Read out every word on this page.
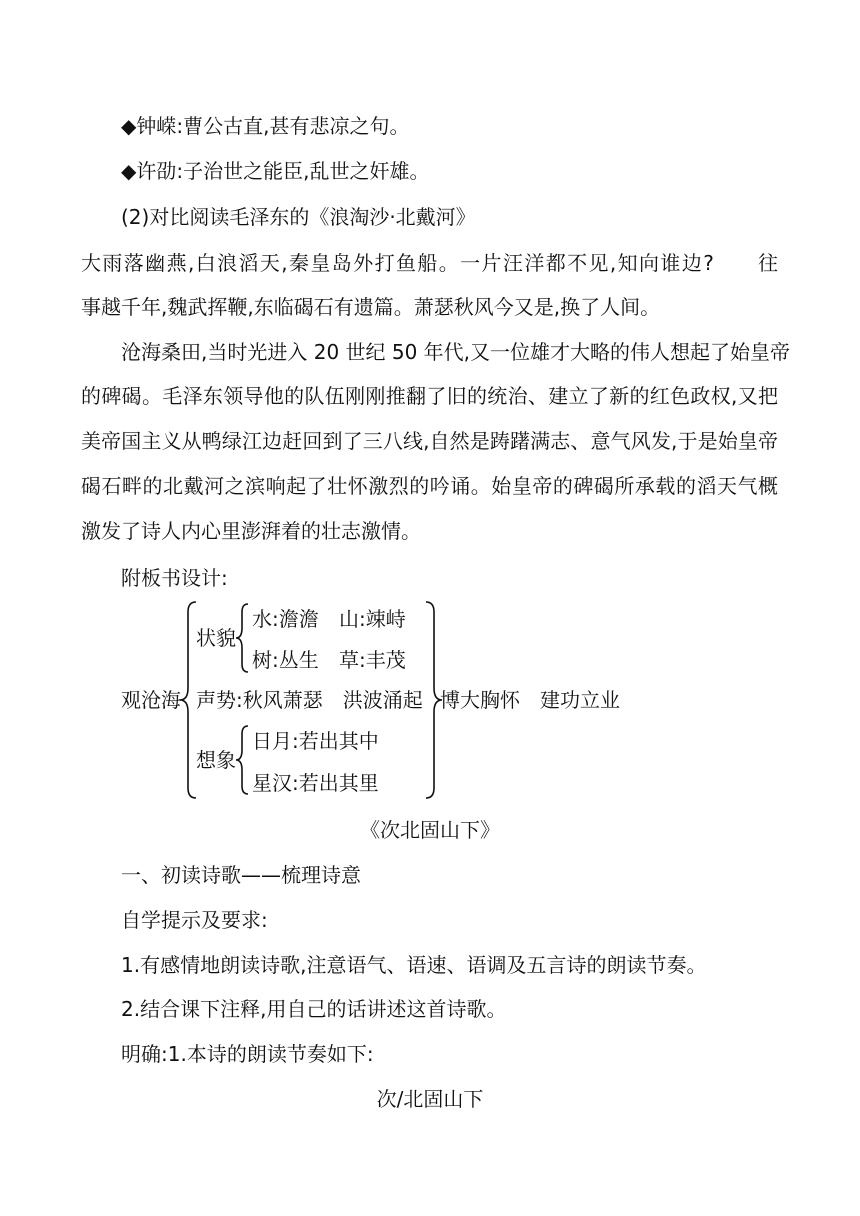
◆钟嵘:曹公古直,甚有悲凉之句。
◆许劭:子治世之能臣,乱世之奸雄。
(2)对比阅读毛泽东的《浪淘沙·北戴河》
大雨落幽燕,白浪滔天,秦皇岛外打鱼船。一片汪洋都不见,知向谁边?　　往
事越千年,魏武挥鞭,东临碣石有遗篇。萧瑟秋风今又是,换了人间。
沧海桑田,当时光进入 20 世纪 50 年代,又一位雄才大略的伟人想起了始皇帝
的碑碣。毛泽东领导他的队伍刚刚推翻了旧的统治、建立了新的红色政权,又把
美帝国主义从鸭绿江边赶回到了三八线,自然是踌躇满志、意气风发,于是始皇帝
碣石畔的北戴河之滨响起了壮怀激烈的吟诵。始皇帝的碑碣所承载的滔天气概
激发了诗人内心里澎湃着的壮志激情。
附板书设计:
观沧海
状貌
水:澹澹 山:竦峙
树:丛生 草:丰茂
声势:秋风萧瑟　洪波涌起
想象
日月:若出其中
星汉:若出其里
博大胸怀　建功立业
《次北固山下》
一、初读诗歌——梳理诗意
自学提示及要求:
1.有感情地朗读诗歌,注意语气、语速、语调及五言诗的朗读节奏。
2.结合课下注释,用自己的话讲述这首诗歌。
明确:1.本诗的朗读节奏如下:
次/北固山下
